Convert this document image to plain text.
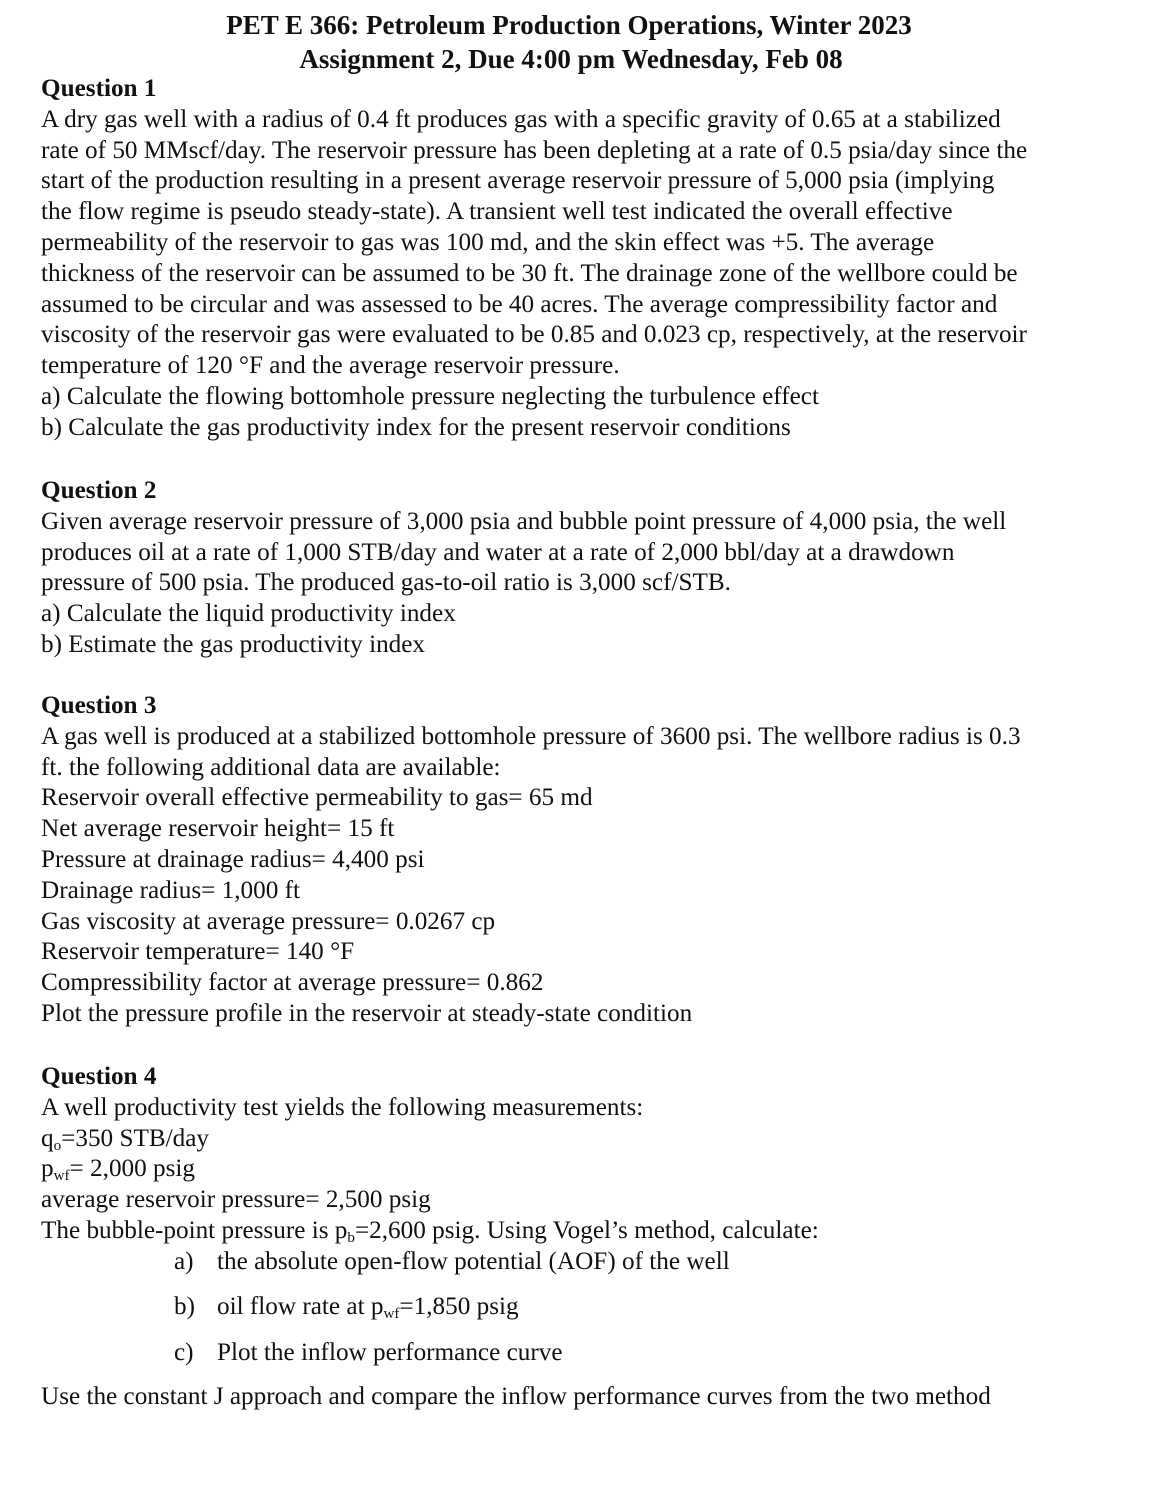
PET E 366: Petroleum Production Operations, Winter 2023
Assignment 2, Due 4:00 pm Wednesday, Feb 08
Question 1
A dry gas well with a radius of 0.4 ft produces gas with a specific gravity of 0.65 at a stabilized
rate of 50 MMscf/day. The reservoir pressure has been depleting at a rate of 0.5 psia/day since the
start of the production resulting in a present average reservoir pressure of 5,000 psia (implying
the flow regime is pseudo steady-state). A transient well test indicated the overall effective
permeability of the reservoir to gas was 100 md, and the skin effect was +5. The average
thickness of the reservoir can be assumed to be 30 ft. The drainage zone of the wellbore could be
assumed to be circular and was assessed to be 40 acres. The average compressibility factor and
viscosity of the reservoir gas were evaluated to be 0.85 and 0.023 cp, respectively, at the reservoir
temperature of 120 °F and the average reservoir pressure.
a) Calculate the flowing bottomhole pressure neglecting the turbulence effect
b) Calculate the gas productivity index for the present reservoir conditions
Question 2
Given average reservoir pressure of 3,000 psia and bubble point pressure of 4,000 psia, the well
produces oil at a rate of 1,000 STB/day and water at a rate of 2,000 bbl/day at a drawdown
pressure of 500 psia. The produced gas-to-oil ratio is 3,000 scf/STB.
a) Calculate the liquid productivity index
b) Estimate the gas productivity index
Question 3
A gas well is produced at a stabilized bottomhole pressure of 3600 psi. The wellbore radius is 0.3
ft. the following additional data are available:
Reservoir overall effective permeability to gas= 65 md
Net average reservoir height= 15 ft
Pressure at drainage radius= 4,400 psi
Drainage radius= 1,000 ft
Gas viscosity at average pressure= 0.0267 cp
Reservoir temperature= 140 °F
Compressibility factor at average pressure= 0.862
Plot the pressure profile in the reservoir at steady-state condition
Question 4
A well productivity test yields the following measurements:
$q_o=350$ STB/day
$p_{wf}= 2,000$ psig
average reservoir pressure= 2,500 psig
The bubble-point pressure is $p_b=2,600$ psig. Using Vogel’s method, calculate:
a) the absolute open-flow potential (AOF) of the well
b) oil flow rate at $p_{wf}=1,850$ psig
c) Plot the inflow performance curve
Use the constant J approach and compare the inflow performance curves from the two method
